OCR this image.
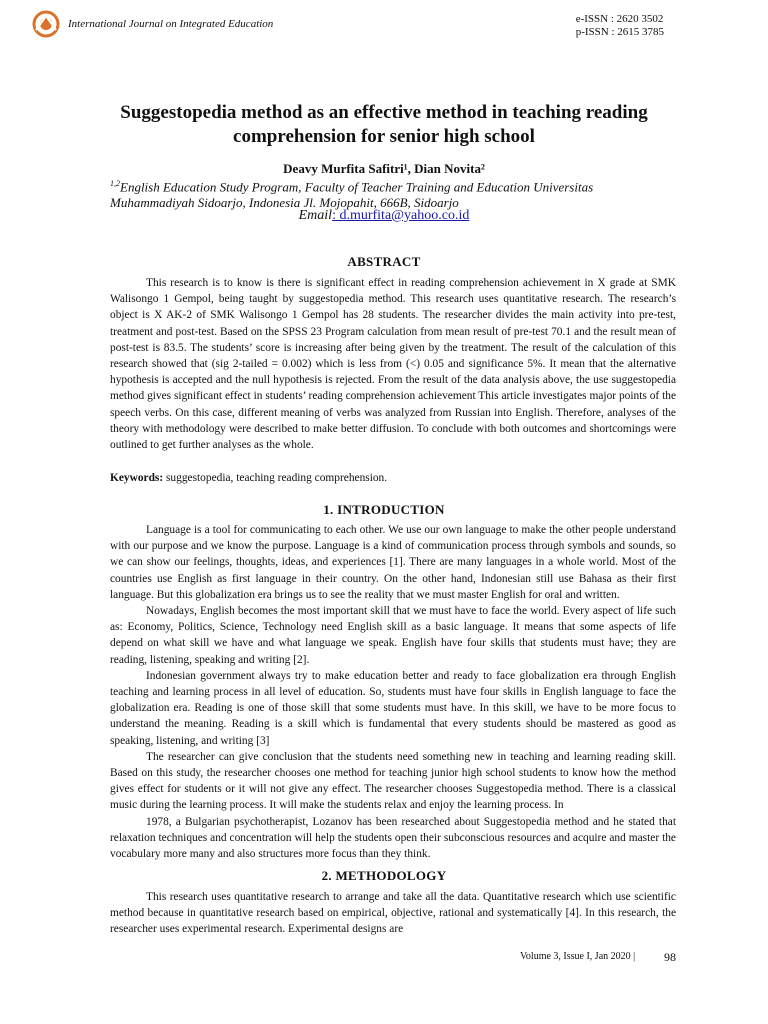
International Journal on Integrated Education	e-ISSN : 2620 3502
p-ISSN : 2615 3785
Suggestopedia method as an effective method in teaching reading comprehension for senior high school
Deavy Murfita Safitri¹, Dian Novita²
$^{1,2}$English Education Study Program, Faculty of Teacher Training and Education Universitas Muhammadiyah Sidoarjo, Indonesia Jl. Mojopahit, 666B, Sidoarjo
Email: d.murfita@yahoo.co.id
ABSTRACT

This research is to know is there is significant effect in reading comprehension achievement in X grade at SMK Walisongo 1 Gempol, being taught by suggestopedia method. This research uses quantitative research. The research’s object is X AK-2 of SMK Walisongo 1 Gempol has 28 students. The researcher divides the main activity into pre-test, treatment and post-test. Based on the SPSS 23 Program calculation from mean result of pre-test 70.1 and the result mean of post-test is 83.5. The students’ score is increasing after being given by the treatment. The result of the calculation of this research showed that (sig 2-tailed = 0.002) which is less from (<) 0.05 and significance 5%. It mean that the alternative hypothesis is accepted and the null hypothesis is rejected. From the result of the data analysis above, the use suggestopedia method gives significant effect in students’ reading comprehension achievement This article investigates major points of the speech verbs. On this case, different meaning of verbs was analyzed from Russian into English. Therefore, analyses of the theory with methodology were described to make better diffusion. To conclude with both outcomes and shortcomings were outlined to get further analyses as the whole.

Keywords: suggestopedia, teaching reading comprehension.
1. INTRODUCTION

Language is a tool for communicating to each other. We use our own language to make the other people understand with our purpose and we know the purpose. Language is a kind of communication process through symbols and sounds, so we can show our feelings, thoughts, ideas, and experiences [1]. There are many languages in a whole world. Most of the countries use English as first language in their country. On the other hand, Indonesian still use Bahasa as their first language. But this globalization era brings us to see the reality that we must master English for oral and written.

Nowadays, English becomes the most important skill that we must have to face the world. Every aspect of life such as: Economy, Politics, Science, Technology need English skill as a basic language. It means that some aspects of life depend on what skill we have and what language we speak. English have four skills that students must have; they are reading, listening, speaking and writing [2].

Indonesian government always try to make education better and ready to face globalization era through English teaching and learning process in all level of education. So, students must have four skills in English language to face the globalization era. Reading is one of those skill that some students must have. In this skill, we have to be more focus to understand the meaning. Reading is a skill which is fundamental that every students should be mastered as good as speaking, listening, and writing [3]

The researcher can give conclusion that the students need something new in teaching and learning reading skill. Based on this study, the researcher chooses one method for teaching junior high school students to know how the method gives effect for students or it will not give any effect. The researcher chooses Suggestopedia method. There is a classical music during the learning process. It will make the students relax and enjoy the learning process. In

1978, a Bulgarian psychotherapist, Lozanov has been researched about Suggestopedia method and he stated that relaxation techniques and concentration will help the students open their subconscious resources and acquire and master the vocabulary more many and also structures more focus than they think.

2. METHODOLOGY

This research uses quantitative research to arrange and take all the data. Quantitative research which use scientific method because in quantitative research based on empirical, objective, rational and systematically [4]. In this research, the researcher uses experimental research. Experimental designs are

Volume 3, Issue I, Jan 2020 | 98
